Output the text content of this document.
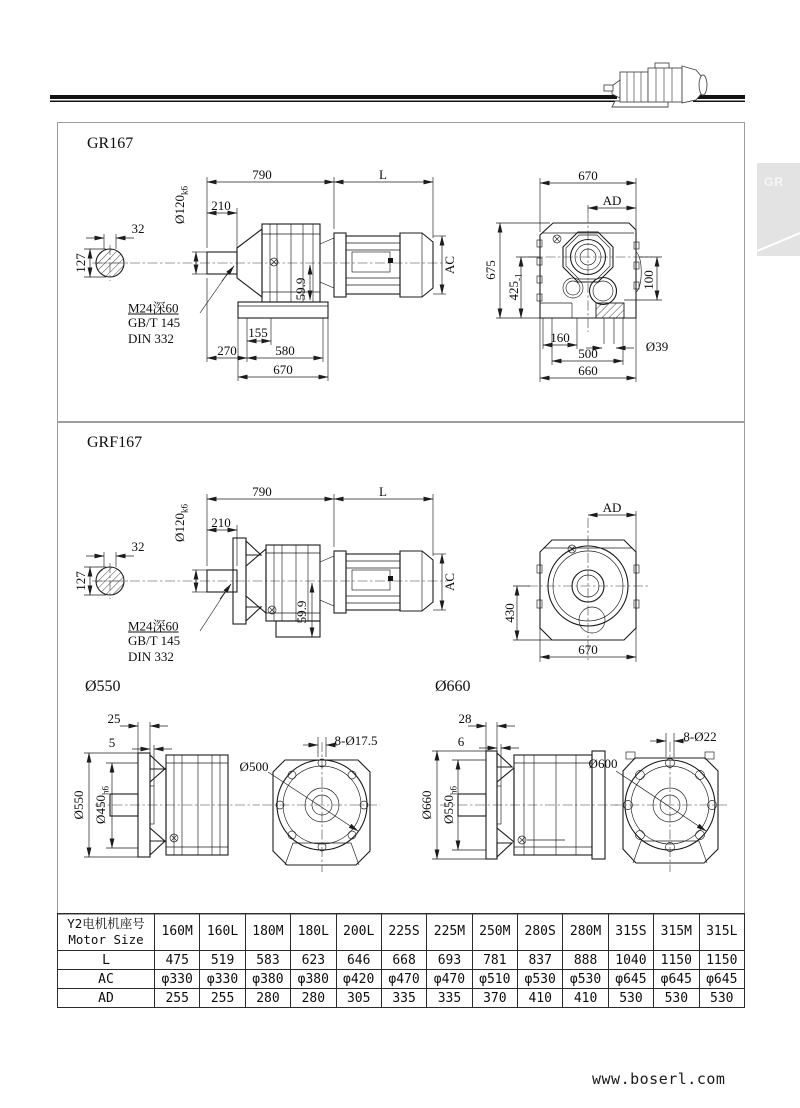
GR
GR167
GRF167
Ø550	Ø660
790	L
210
$Ø120_{k6}$
32
127
M24深60
GB/T 145
DIN 332
59.9
155
270	580
670
AC
670
AD
675
$425_{-1}$	100
Ø39
160
500
660
790	L
210
$Ø120_{k6}$
32
127
M24深60
GB/T 145
DIN 332
59.9
AC
AD
430
670
25
5
Ø550 $Ø450_{h6}$
8-Ø17.5
Ø500
28
6
Ø660 $Ø550_{h6}$
8-Ø22
Ø600
Y2电机机座号
Motor Size	160M	160L	180M	180L	200L	225S	225M	250M	280S	280M	315S	315M	315L
L	475	519	583	623	646	668	693	781	837	888	1040	1150	1150
AC	φ330	φ330	φ380	φ380	φ420	φ470	φ470	φ510	φ530	φ530	φ645	φ645	φ645
AD	255	255	280	280	305	335	335	370	410	410	530	530	530
www.boserl.com
